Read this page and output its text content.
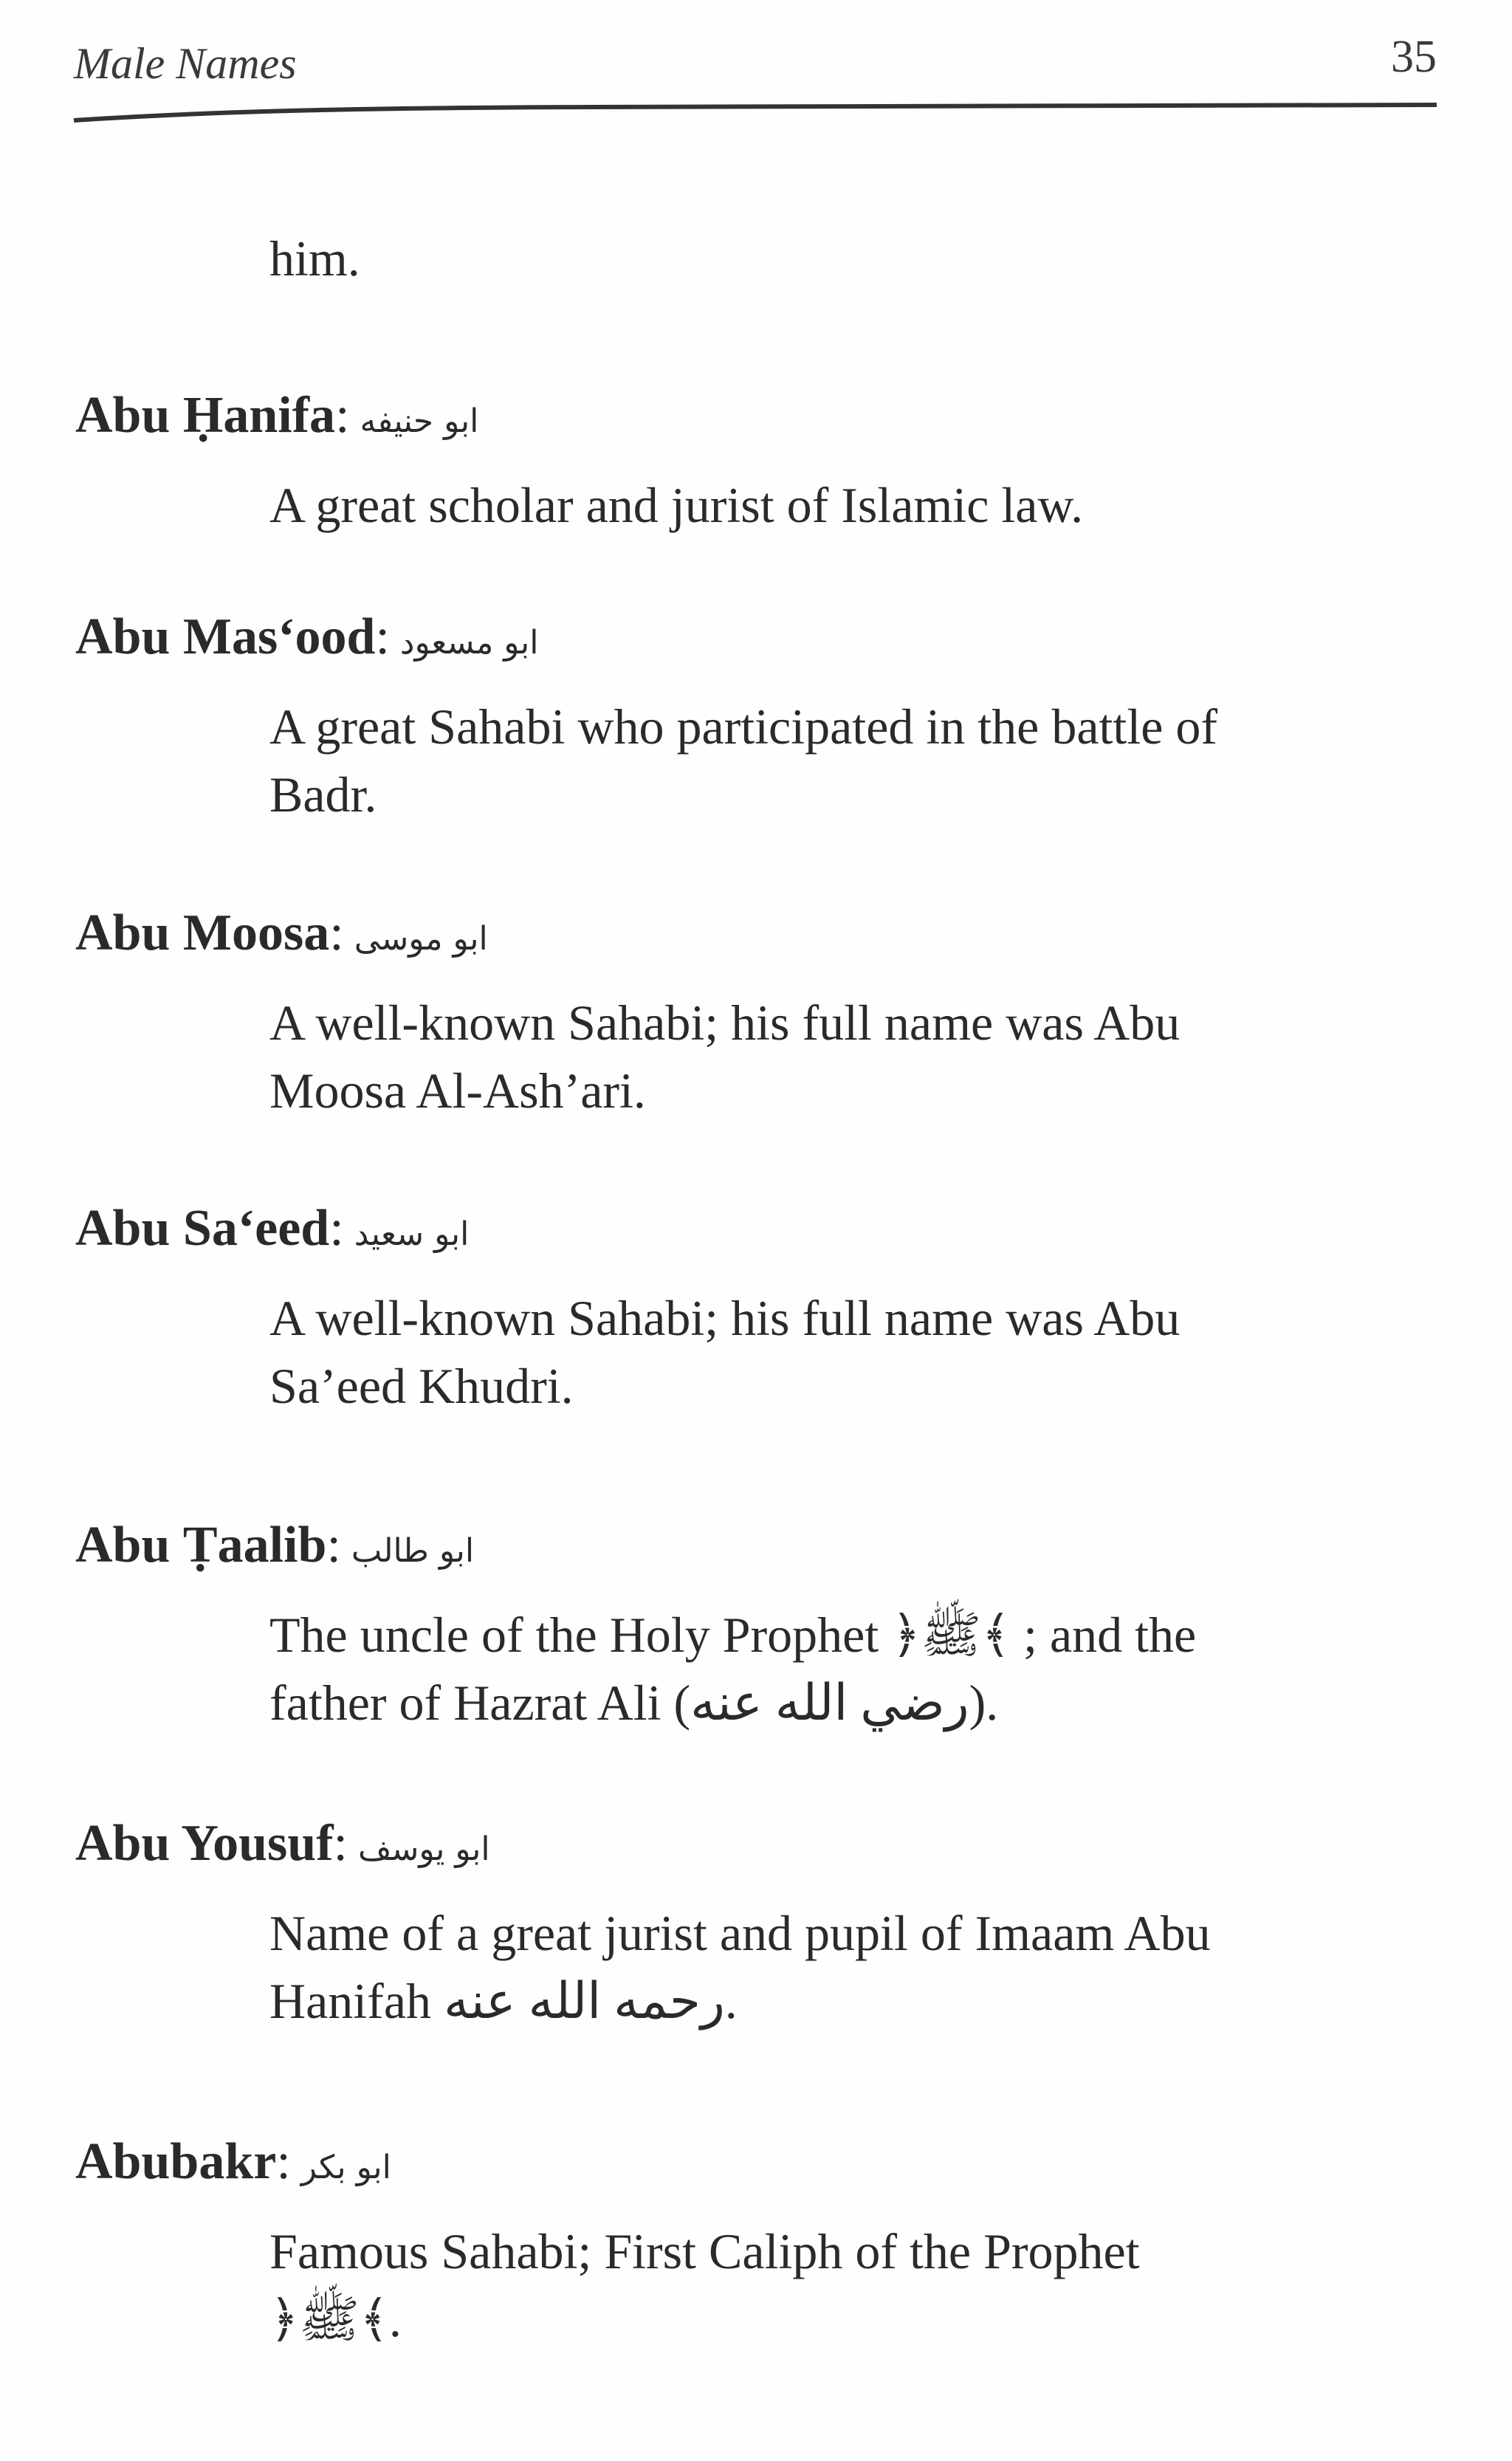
Male Names	35
him.
Abu Ḥanifa: ابو حنيفه
A great scholar and jurist of Islamic law.
Abu Mas‘ood: ابو مسعود
A great Sahabi who participated in the battle of
Badr.
Abu Moosa: ابو موسى
A well-known Sahabi; his full name was Abu
Moosa Al-Ash’ari.
Abu Sa‘eed: ابو سعيد
A well-known Sahabi; his full name was Abu
Sa’eed Khudri.
Abu Ṭaalib: ابو طالب
The uncle of the Holy Prophet ﴿ﷺ﴾ ; and the
father of Hazrat Ali (رضي الله عنه).
Abu Yousuf: ابو يوسف
Name of a great jurist and pupil of Imaam Abu
Hanifah رحمه الله عنه.
Abubakr: ابو بكر
Famous Sahabi; First Caliph of the Prophet
﴿ﷺ﴾.
